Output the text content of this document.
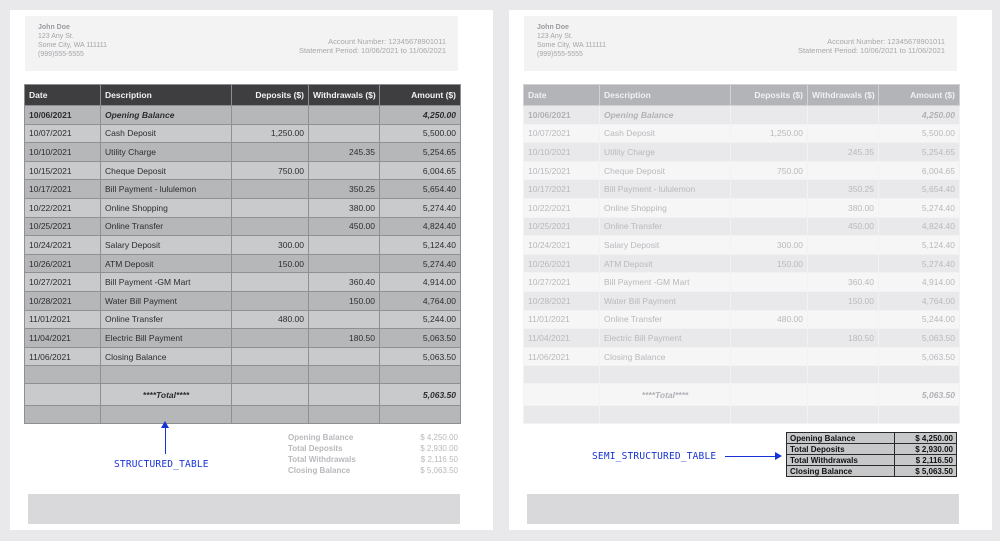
John Doe
123 Any St.
Some City, WA 111111
(999)555-5555
Account Number: 12345678901011
Statement Period: 10/06/2021 to 11/06/2021
Date	Description	Deposits ($)	Withdrawals ($)	Amount ($)
10/06/2021	Opening Balance			4,250.00
10/07/2021	Cash Deposit	1,250.00		5,500.00
10/10/2021	Utility Charge		245.35	5,254.65
10/15/2021	Cheque Deposit	750.00		6,004.65
10/17/2021	Bill Payment - lululemon		350.25	5,654.40
10/22/2021	Online Shopping		380.00	5,274.40
10/25/2021	Online Transfer		450.00	4,824.40
10/24/2021	Salary Deposit	300.00		5,124.40
10/26/2021	ATM Deposit	150.00		5,274.40
10/27/2021	Bill Payment -GM Mart		360.40	4,914.00
10/28/2021	Water Bill Payment		150.00	4,764.00
11/01/2021	Online Transfer	480.00		5,244.00
11/04/2021	Electric Bill Payment		180.50	5,063.50
11/06/2021	Closing Balance			5,063.50

	****Total****			5,063.50

Opening Balance	$ 4,250.00
Total Deposits	$ 2,930.00
Total Withdrawals	$ 2,116.50
Closing Balance	$ 5,063.50
STRUCTURED_TABLE
John Doe
123 Any St.
Some City, WA 111111
(999)555-5555
Account Number: 12345678901011
Statement Period: 10/06/2021 to 11/06/2021
Date	Description	Deposits ($)	Withdrawals ($)	Amount ($)
10/06/2021	Opening Balance			4,250.00
10/07/2021	Cash Deposit	1,250.00		5,500.00
10/10/2021	Utility Charge		245.35	5,254.65
10/15/2021	Cheque Deposit	750.00		6,004.65
10/17/2021	Bill Payment - lululemon		350.25	5,654.40
10/22/2021	Online Shopping		380.00	5,274.40
10/25/2021	Online Transfer		450.00	4,824.40
10/24/2021	Salary Deposit	300.00		5,124.40
10/26/2021	ATM Deposit	150.00		5,274.40
10/27/2021	Bill Payment -GM Mart		360.40	4,914.00
10/28/2021	Water Bill Payment		150.00	4,764.00
11/01/2021	Online Transfer	480.00		5,244.00
11/04/2021	Electric Bill Payment		180.50	5,063.50
11/06/2021	Closing Balance			5,063.50

	****Total****			5,063.50

Opening Balance	$ 4,250.00
Total Deposits	$ 2,930.00
Total Withdrawals	$ 2,116.50
Closing Balance	$ 5,063.50
SEMI_STRUCTURED_TABLE
